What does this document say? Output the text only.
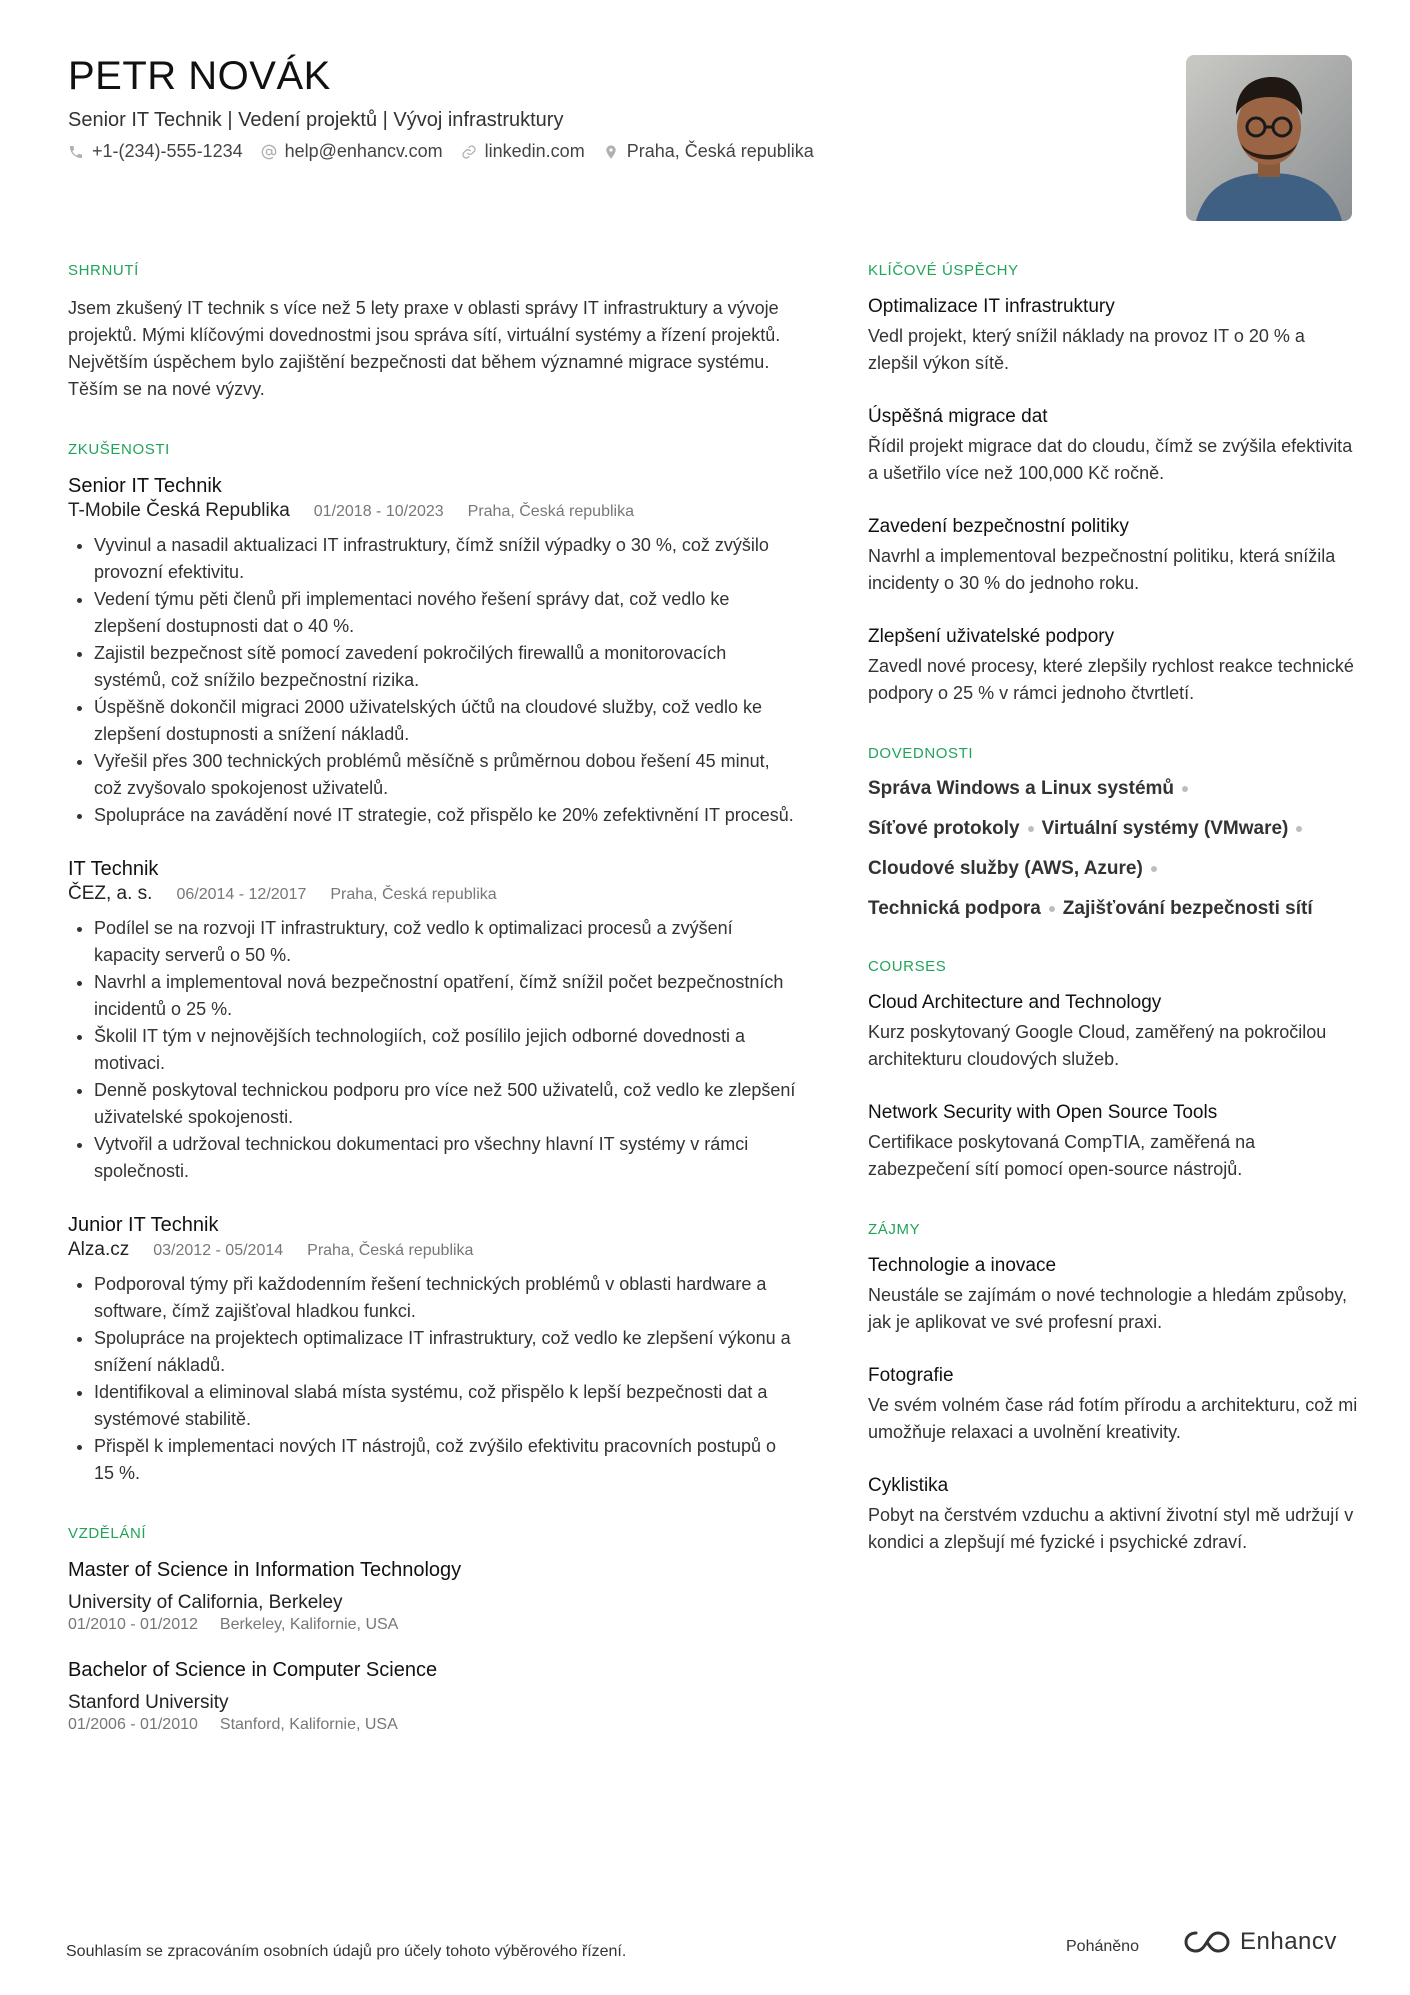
PETR NOVÁK
Senior IT Technik | Vedení projektů | Vývoj infrastruktury
+1-(234)-555-1234 help@enhancv.com linkedin.com Praha, Česká republika
SHRNUTÍ
Jsem zkušený IT technik s více než 5 lety praxe v oblasti správy IT infrastruktury a vývoje projektů. Mými klíčovými dovednostmi jsou správa sítí, virtuální systémy a řízení projektů. Největším úspěchem bylo zajištění bezpečnosti dat během významné migrace systému. Těším se na nové výzvy.
ZKUŠENOSTI
Senior IT Technik
T-Mobile Česká Republika 01/2018 - 10/2023 Praha, Česká republika
• Vyvinul a nasadil aktualizaci IT infrastruktury, čímž snížil výpadky o 30 %, což zvýšilo provozní efektivitu.
• Vedení týmu pěti členů při implementaci nového řešení správy dat, což vedlo ke zlepšení dostupnosti dat o 40 %.
• Zajistil bezpečnost sítě pomocí zavedení pokročilých firewallů a monitorovacích systémů, což snížilo bezpečnostní rizika.
• Úspěšně dokončil migraci 2000 uživatelských účtů na cloudové služby, což vedlo ke zlepšení dostupnosti a snížení nákladů.
• Vyřešil přes 300 technických problémů měsíčně s průměrnou dobou řešení 45 minut, což zvyšovalo spokojenost uživatelů.
• Spolupráce na zavádění nové IT strategie, což přispělo ke 20% zefektivnění IT procesů.
IT Technik
ČEZ, a. s. 06/2014 - 12/2017 Praha, Česká republika
• Podílel se na rozvoji IT infrastruktury, což vedlo k optimalizaci procesů a zvýšení kapacity serverů o 50 %.
• Navrhl a implementoval nová bezpečnostní opatření, čímž snížil počet bezpečnostních incidentů o 25 %.
• Školil IT tým v nejnovějších technologiích, což posílilo jejich odborné dovednosti a motivaci.
• Denně poskytoval technickou podporu pro více než 500 uživatelů, což vedlo ke zlepšení uživatelské spokojenosti.
• Vytvořil a udržoval technickou dokumentaci pro všechny hlavní IT systémy v rámci společnosti.
Junior IT Technik
Alza.cz 03/2012 - 05/2014 Praha, Česká republika
• Podporoval týmy při každodenním řešení technických problémů v oblasti hardware a software, čímž zajišťoval hladkou funkci.
• Spolupráce na projektech optimalizace IT infrastruktury, což vedlo ke zlepšení výkonu a snížení nákladů.
• Identifikoval a eliminoval slabá místa systému, což přispělo k lepší bezpečnosti dat a systémové stabilitě.
• Přispěl k implementaci nových IT nástrojů, což zvýšilo efektivitu pracovních postupů o 15 %.
VZDĚLÁNÍ
Master of Science in Information Technology
University of California, Berkeley
01/2010 - 01/2012 Berkeley, Kalifornie, USA
Bachelor of Science in Computer Science
Stanford University
01/2006 - 01/2010 Stanford, Kalifornie, USA
KLÍČOVÉ ÚSPĚCHY
Optimalizace IT infrastruktury
Vedl projekt, který snížil náklady na provoz IT o 20 % a zlepšil výkon sítě.
Úspěšná migrace dat
Řídil projekt migrace dat do cloudu, čímž se zvýšila efektivita a ušetřilo více než 100,000 Kč ročně.
Zavedení bezpečnostní politiky
Navrhl a implementoval bezpečnostní politiku, která snížila incidenty o 30 % do jednoho roku.
Zlepšení uživatelské podpory
Zavedl nové procesy, které zlepšily rychlost reakce technické podpory o 25 % v rámci jednoho čtvrtletí.
DOVEDNOSTI
Správa Windows a Linux systémů
Síťové protokoly Virtuální systémy (VMware)
Cloudové služby (AWS, Azure)
Technická podpora Zajišťování bezpečnosti sítí
COURSES
Cloud Architecture and Technology
Kurz poskytovaný Google Cloud, zaměřený na pokročilou architekturu cloudových služeb.
Network Security with Open Source Tools
Certifikace poskytovaná CompTIA, zaměřená na zabezpečení sítí pomocí open-source nástrojů.
ZÁJMY
Technologie a inovace
Neustále se zajímám o nové technologie a hledám způsoby, jak je aplikovat ve své profesní praxi.
Fotografie
Ve svém volném čase rád fotím přírodu a architekturu, což mi umožňuje relaxaci a uvolnění kreativity.
Cyklistika
Pobyt na čerstvém vzduchu a aktivní životní styl mě udržují v kondici a zlepšují mé fyzické i psychické zdraví.
Souhlasím se zpracováním osobních údajů pro účely tohoto výběrového řízení.	Poháněno	Enhancv
